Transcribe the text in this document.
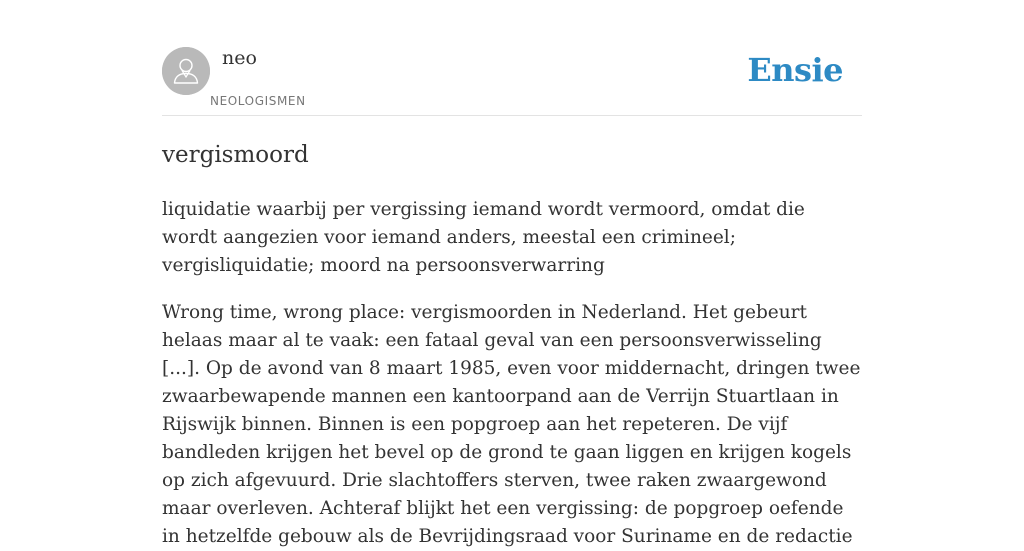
neo
NEOLOGISMEN
Ensie
vergismoord

liquidatie waarbij per vergissing iemand wordt vermoord, omdat die wordt aangezien voor iemand anders, meestal een crimineel; vergisliquidatie; moord na persoonsverwarring

Wrong time, wrong place: vergismoorden in Nederland. Het gebeurt helaas maar al te vaak: een fataal geval van een persoonsverwisseling [...]. Op de avond van 8 maart 1985, even voor middernacht, dringen twee zwaarbewapende mannen een kantoorpand aan de Verrijn Stuartlaan in Rijswijk binnen. Binnen is een popgroep aan het repeteren. De vijf bandleden krijgen het bevel op de grond te gaan liggen en krijgen kogels op zich afgevuurd. Drie slachtoffers sterven, twee raken zwaargewond maar overleven. Achteraf blijkt het een vergissing: de popgroep oefende in hetzelfde gebouw als de Bevrijdingsraad voor Suriname en de redactie
